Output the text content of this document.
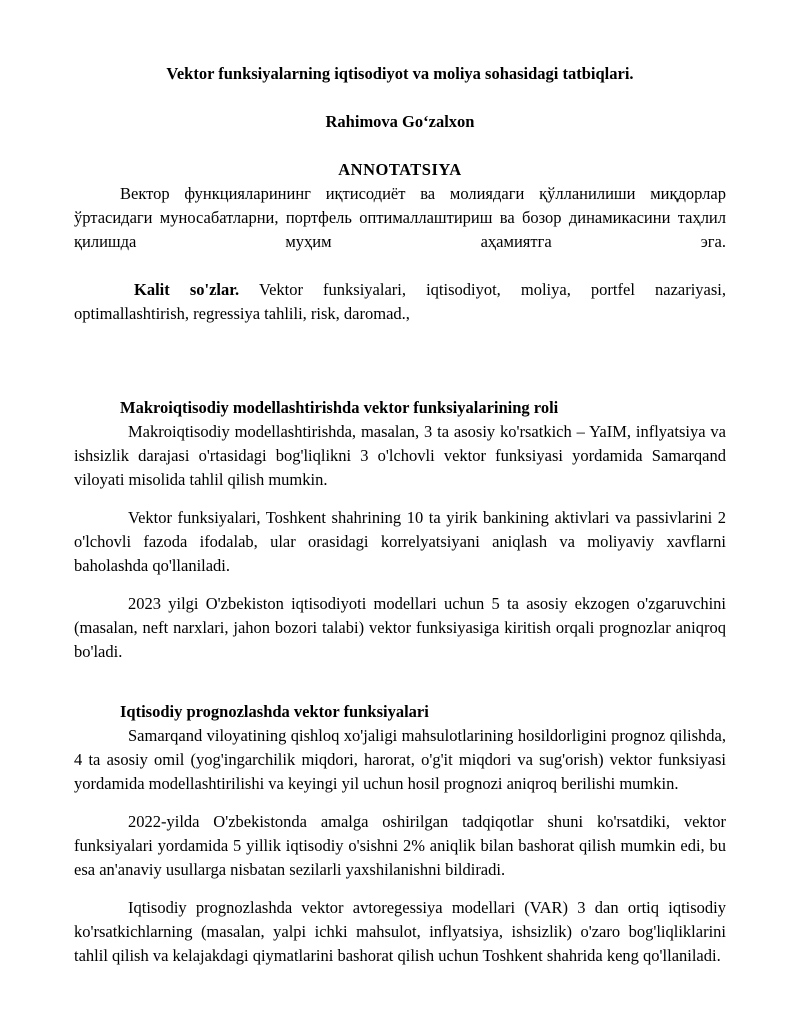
Vektor funksiyalarning iqtisodiyot va moliya sohasidagi tatbiqlari.

Rahimova Go‘zalxon

ANNOTATSIYA

Вектор функцияларининг иқтисодиёт ва молиядаги қўлланилиши миқдорлар ўртасидаги муносабатларни, портфель оптималлаштириш ва бозор динамикасини таҳлил қилишда муҳим аҳамиятга эга.

Kalit so'zlar. Vektor funksiyalari, iqtisodiyot, moliya, portfel nazariyasi, optimallashtirish, regressiya tahlili, risk, daromad.,

Makroiqtisodiy modellashtirishda vektor funksiyalarining roli

Makroiqtisodiy modellashtirishda, masalan, 3 ta asosiy ko'rsatkich – YaIM, inflyatsiya va ishsizlik darajasi o'rtasidagi bog'liqlikni 3 o'lchovli vektor funksiyasi yordamida Samarqand viloyati misolida tahlil qilish mumkin.

Vektor funksiyalari, Toshkent shahrining 10 ta yirik bankining aktivlari va passivlarini 2 o'lchovli fazoda ifodalab, ular orasidagi korrelyatsiyani aniqlash va moliyaviy xavflarni baholashda qo'llaniladi.

2023 yilgi O'zbekiston iqtisodiyoti modellari uchun 5 ta asosiy ekzogen o'zgaruvchini (masalan, neft narxlari, jahon bozori talabi) vektor funksiyasiga kiritish orqali prognozlar aniqroq bo'ladi.

Iqtisodiy prognozlashda vektor funksiyalari

Samarqand viloyatining qishloq xo'jaligi mahsulotlarining hosildorligini prognoz qilishda, 4 ta asosiy omil (yog'ingarchilik miqdori, harorat, o'g'it miqdori va sug'orish) vektor funksiyasi yordamida modellashtirilishi va keyingi yil uchun hosil prognozi aniqroq berilishi mumkin.

2022-yilda O'zbekistonda amalga oshirilgan tadqiqotlar shuni ko'rsatdiki, vektor funksiyalari yordamida 5 yillik iqtisodiy o'sishni 2% aniqlik bilan bashorat qilish mumkin edi, bu esa an'anaviy usullarga nisbatan sezilarli yaxshilanishni bildiradi.

Iqtisodiy prognozlashda vektor avtoregessiya modellari (VAR) 3 dan ortiq iqtisodiy ko'rsatkichlarning (masalan, yalpi ichki mahsulot, inflyatsiya, ishsizlik) o'zaro bog'liqliklarini tahlil qilish va kelajakdagi qiymatlarini bashorat qilish uchun Toshkent shahrida keng qo'llaniladi.
